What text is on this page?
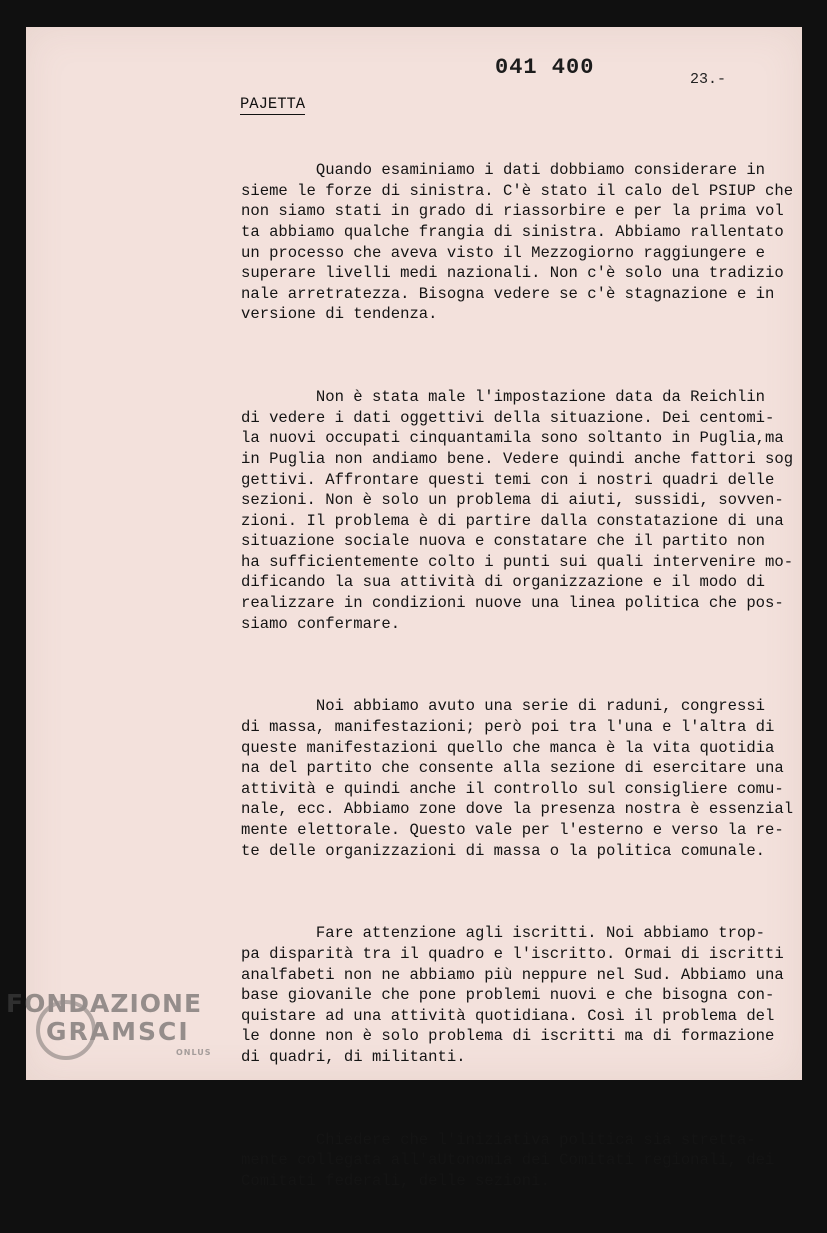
041 400	23.-
PAJETTA

Quando esaminiamo i dati dobbiamo considerare in
sieme le forze di sinistra. C'è stato il calo del PSIUP che
non siamo stati in grado di riassorbire e per la prima vol
ta abbiamo qualche frangia di sinistra. Abbiamo rallentato
un processo che aveva visto il Mezzogiorno raggiungere e
superare livelli medi nazionali. Non c'è solo una tradizio
nale arretratezza. Bisogna vedere se c'è stagnazione e in
versione di tendenza.

Non è stata male l'impostazione data da Reichlin
di vedere i dati oggettivi della situazione. Dei centomi-
la nuovi occupati cinquantamila sono soltanto in Puglia,ma
in Puglia non andiamo bene. Vedere quindi anche fattori sog
gettivi. Affrontare questi temi con i nostri quadri delle
sezioni. Non è solo un problema di aiuti, sussidi, sovven-
zioni. Il problema è di partire dalla constatazione di una
situazione sociale nuova e constatare che il partito non
ha sufficientemente colto i punti sui quali intervenire mo-
dificando la sua attività di organizzazione e il modo di
realizzare in condizioni nuove una linea politica che pos-
siamo confermare.

Noi abbiamo avuto una serie di raduni, congressi
di massa, manifestazioni; però poi tra l'una e l'altra di
queste manifestazioni quello che manca è la vita quotidia
na del partito che consente alla sezione di esercitare una
attività e quindi anche il controllo sul consigliere comu-
nale, ecc. Abbiamo zone dove la presenza nostra è essenzial
mente elettorale. Questo vale per l'esterno e verso la re-
te delle organizzazioni di massa o la politica comunale.

Fare attenzione agli iscritti. Noi abbiamo trop-
pa disparità tra il quadro e l'iscritto. Ormai di iscritti
analfabeti non ne abbiamo più neppure nel Sud. Abbiamo una
base giovanile che pone problemi nuovi e che bisogna con-
quistare ad una attività quotidiana. Così il problema del
le donne non è solo problema di iscritti ma di formazione
di quadri, di militanti.

Chiedere che l'iniziativa politica sia stretta-
mente collegata all'aUtonomia dei Comitati regionali, dei
Comitati federali, delle sezioni.

FONDAZIONE
GRAMSCI
ONLUS
